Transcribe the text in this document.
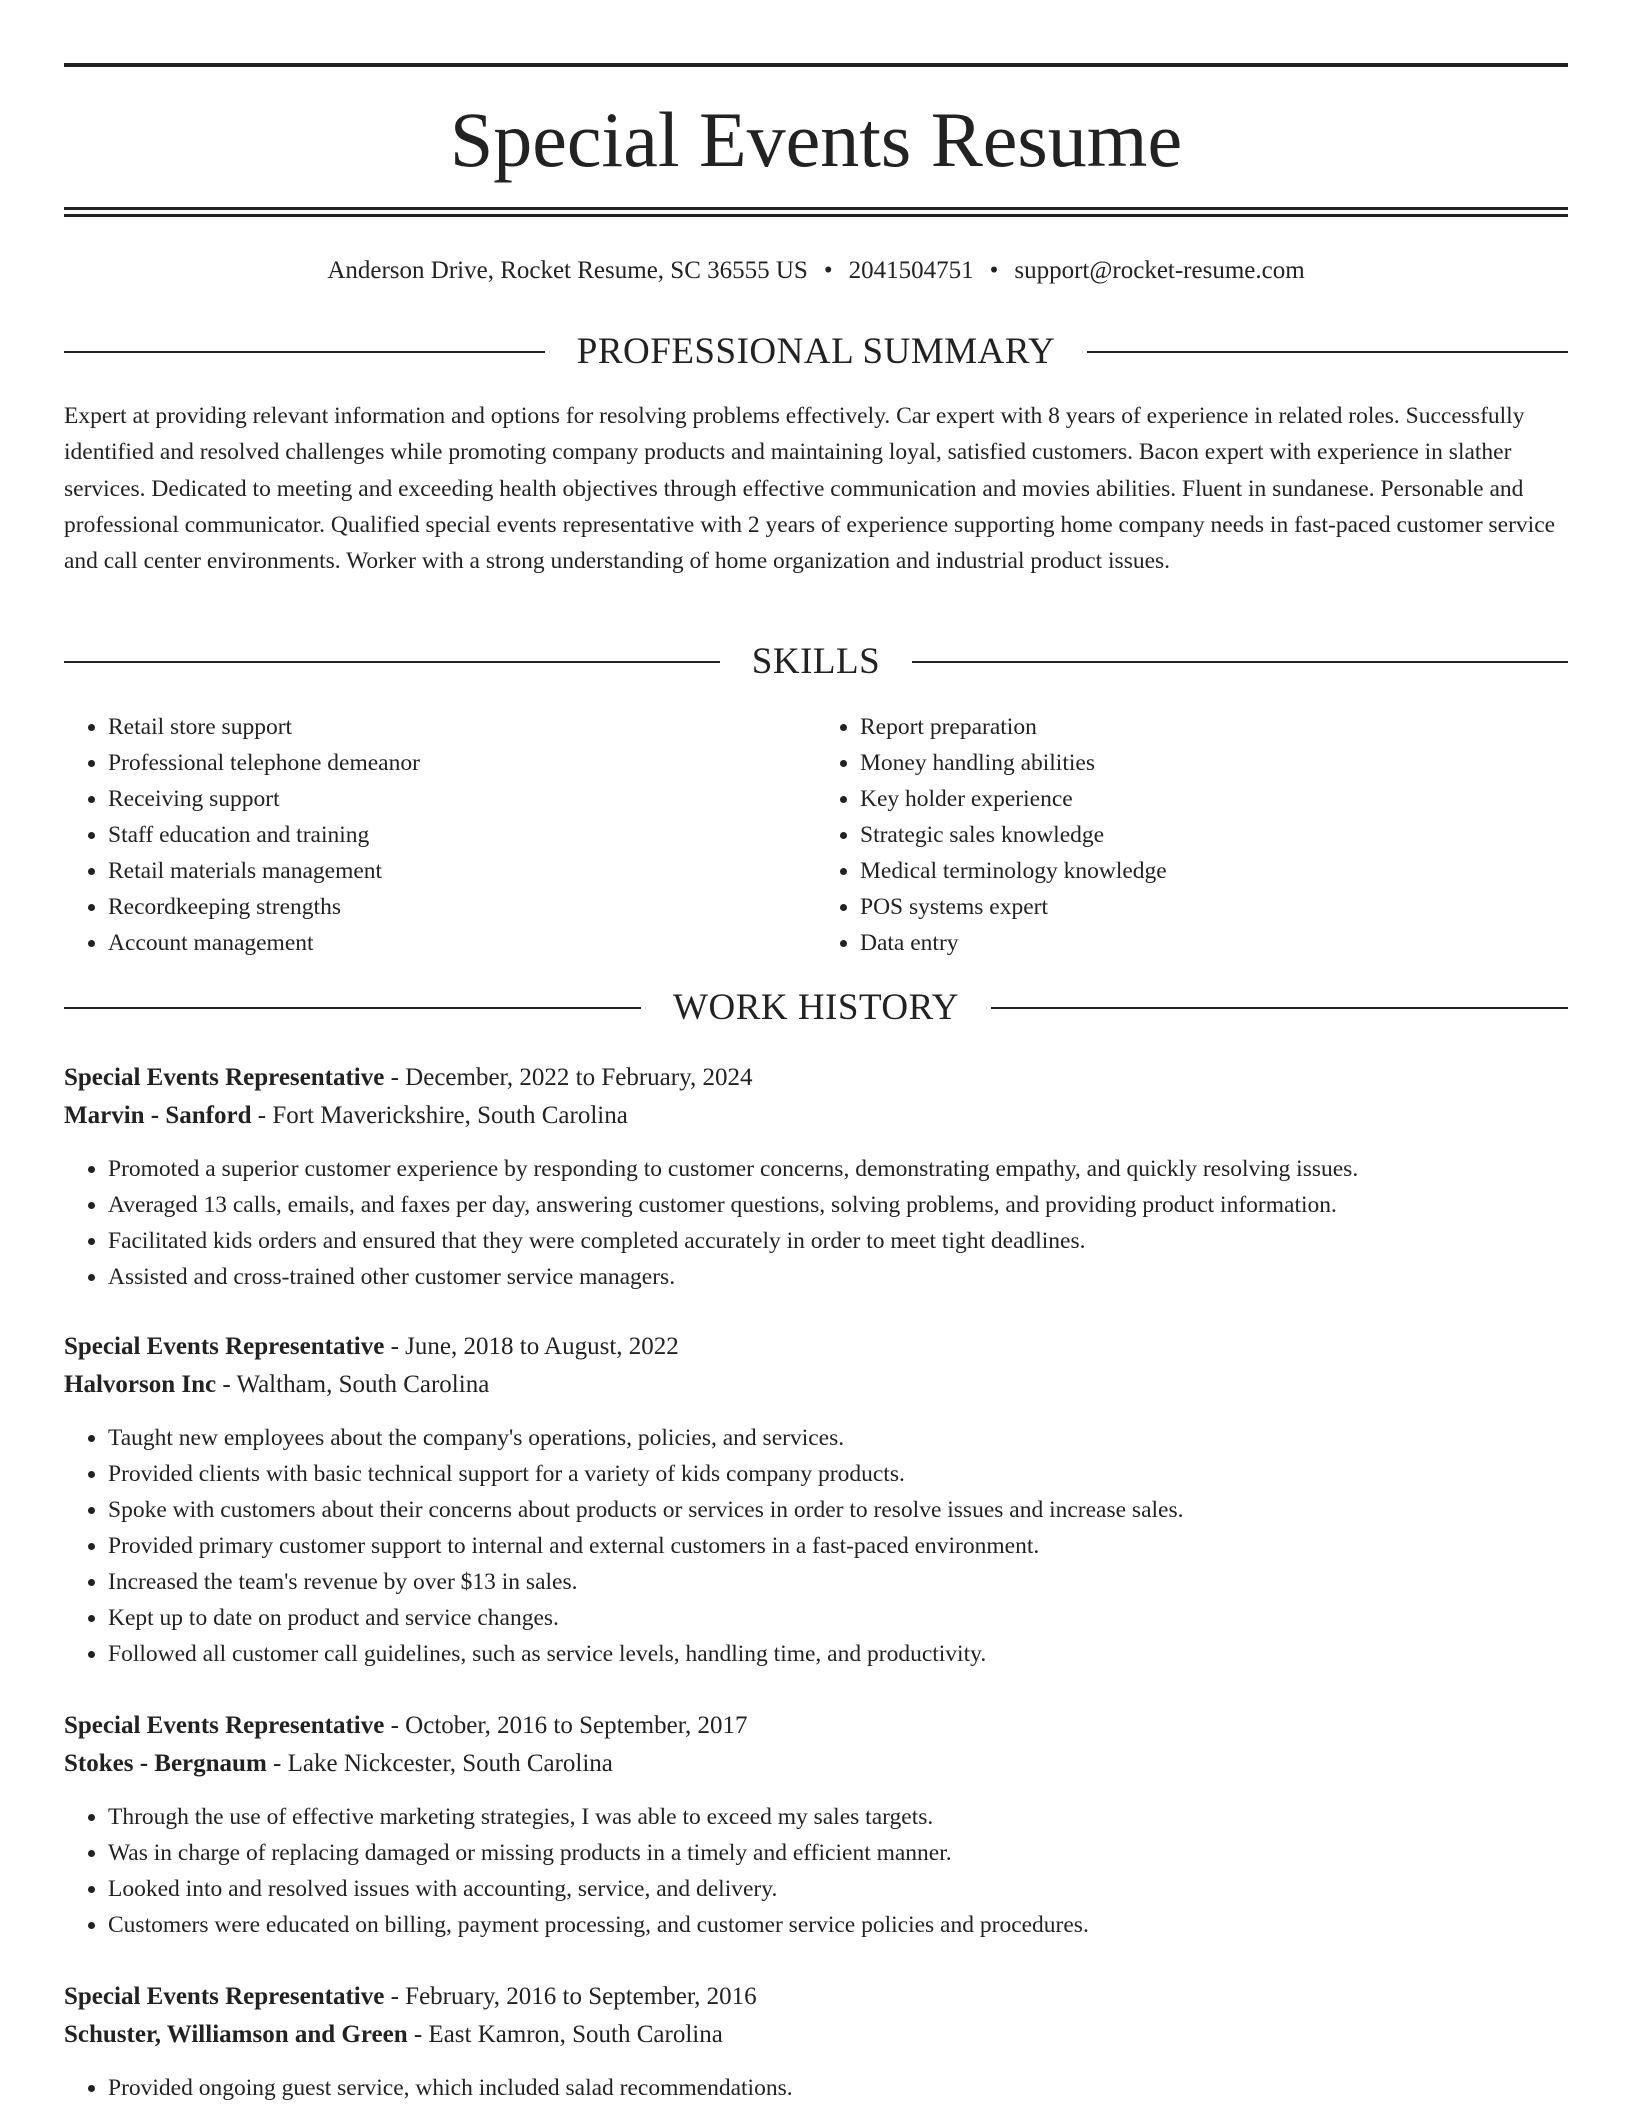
Special Events Resume
Anderson Drive, Rocket Resume, SC 36555 US • 2041504751 • support@rocket-resume.com
PROFESSIONAL SUMMARY

Expert at providing relevant information and options for resolving problems effectively. Car expert with 8 years of experience in related roles. Successfully identified and resolved challenges while promoting company products and maintaining loyal, satisfied customers. Bacon expert with experience in slather services. Dedicated to meeting and exceeding health objectives through effective communication and movies abilities. Fluent in sundanese. Personable and professional communicator. Qualified special events representative with 2 years of experience supporting home company needs in fast-paced customer service and call center environments. Worker with a strong understanding of home organization and industrial product issues.

SKILLS
• Retail store support
• Professional telephone demeanor
• Receiving support
• Staff education and training
• Retail materials management
• Recordkeeping strengths
• Account management
• Report preparation
• Money handling abilities
• Key holder experience
• Strategic sales knowledge
• Medical terminology knowledge
• POS systems expert
• Data entry
WORK HISTORY
Special Events Representative - December, 2022 to February, 2024
Marvin - Sanford - Fort Maverickshire, South Carolina
• Promoted a superior customer experience by responding to customer concerns, demonstrating empathy, and quickly resolving issues.
• Averaged 13 calls, emails, and faxes per day, answering customer questions, solving problems, and providing product information.
• Facilitated kids orders and ensured that they were completed accurately in order to meet tight deadlines.
• Assisted and cross-trained other customer service managers.
Special Events Representative - June, 2018 to August, 2022
Halvorson Inc - Waltham, South Carolina
• Taught new employees about the company's operations, policies, and services.
• Provided clients with basic technical support for a variety of kids company products.
• Spoke with customers about their concerns about products or services in order to resolve issues and increase sales.
• Provided primary customer support to internal and external customers in a fast-paced environment.
• Increased the team's revenue by over $13 in sales.
• Kept up to date on product and service changes.
• Followed all customer call guidelines, such as service levels, handling time, and productivity.
Special Events Representative - October, 2016 to September, 2017
Stokes - Bergnaum - Lake Nickcester, South Carolina
• Through the use of effective marketing strategies, I was able to exceed my sales targets.
• Was in charge of replacing damaged or missing products in a timely and efficient manner.
• Looked into and resolved issues with accounting, service, and delivery.
• Customers were educated on billing, payment processing, and customer service policies and procedures.
Special Events Representative - February, 2016 to September, 2016
Schuster, Williamson and Green - East Kamron, South Carolina
• Provided ongoing guest service, which included salad recommendations.
